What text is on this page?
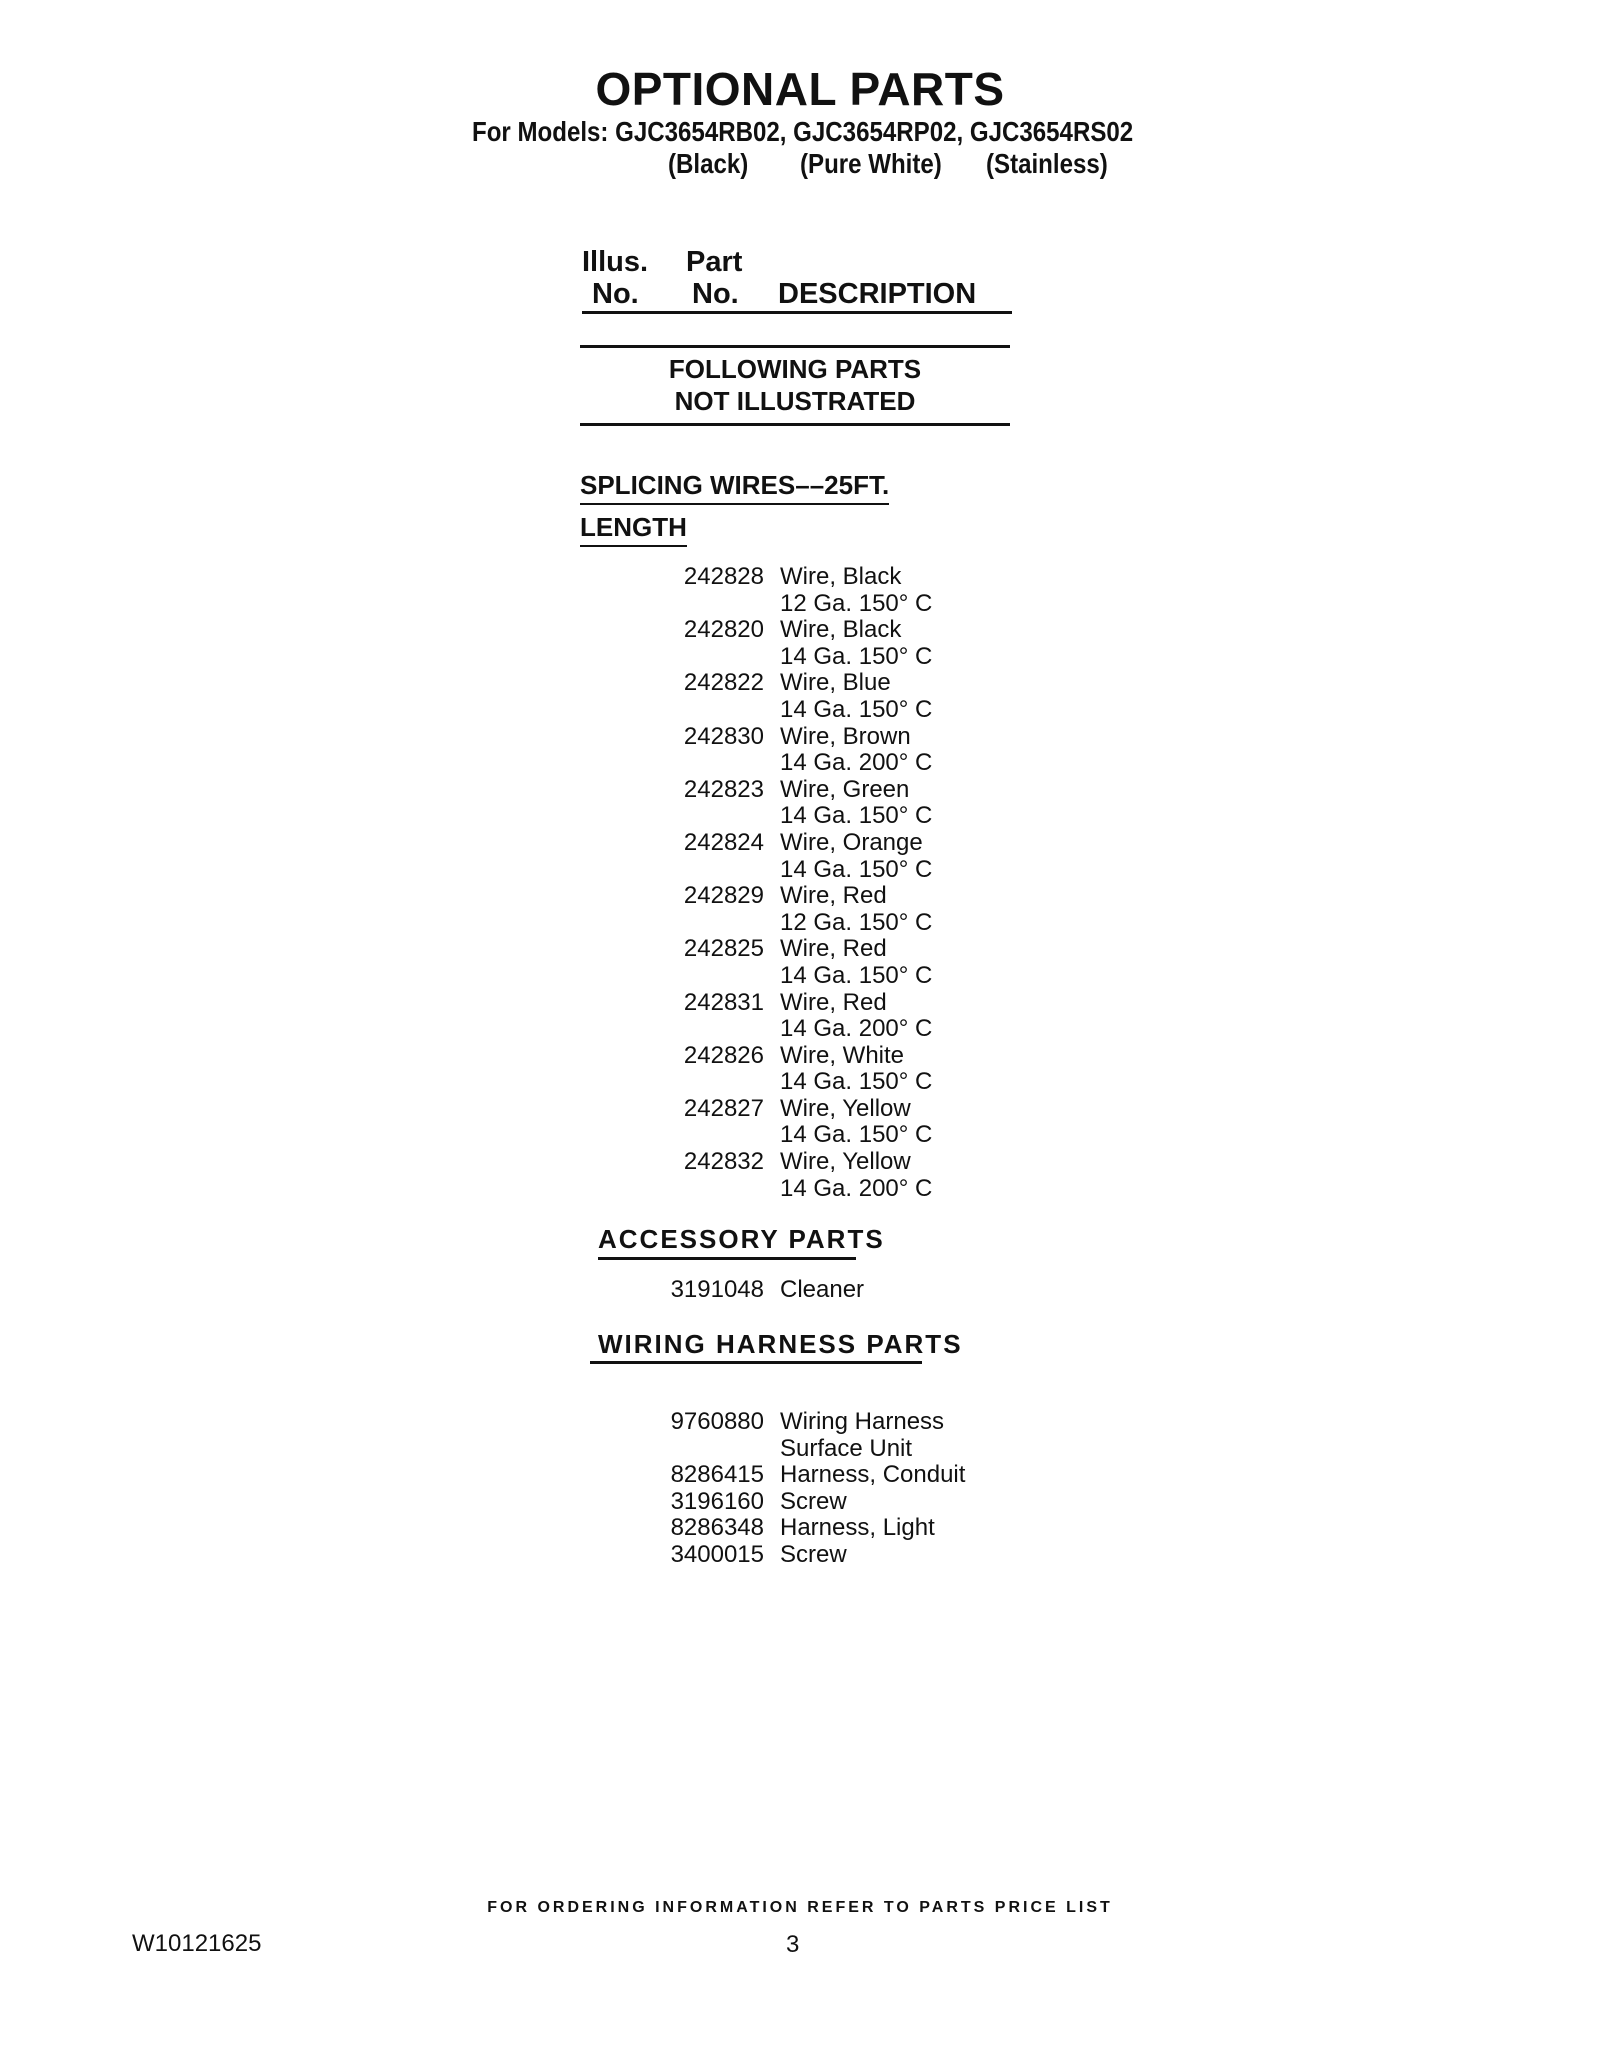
OPTIONAL PARTS
For Models: GJC3654RB02, GJC3654RP02, GJC3654RS02
(Black) (Pure White) (Stainless)
Illus.
No.
Part
No. DESCRIPTION
FOLLOWING PARTS
NOT ILLUSTRATED
SPLICING WIRES––25FT.
LENGTH
242828 Wire, Black
12 Ga. 150° C
242820 Wire, Black
14 Ga. 150° C
242822 Wire, Blue
14 Ga. 150° C
242830 Wire, Brown
14 Ga. 200° C
242823 Wire, Green
14 Ga. 150° C
242824 Wire, Orange
14 Ga. 150° C
242829 Wire, Red
12 Ga. 150° C
242825 Wire, Red
14 Ga. 150° C
242831 Wire, Red
14 Ga. 200° C
242826 Wire, White
14 Ga. 150° C
242827 Wire, Yellow
14 Ga. 150° C
242832 Wire, Yellow
14 Ga. 200° C
ACCESSORY PARTS
3191048 Cleaner
WIRING HARNESS PARTS
9760880 Wiring Harness
Surface Unit
8286415 Harness, Conduit
3196160 Screw
8286348 Harness, Light
3400015 Screw
FOR ORDERING INFORMATION REFER TO PARTS PRICE LIST
W10121625	3
